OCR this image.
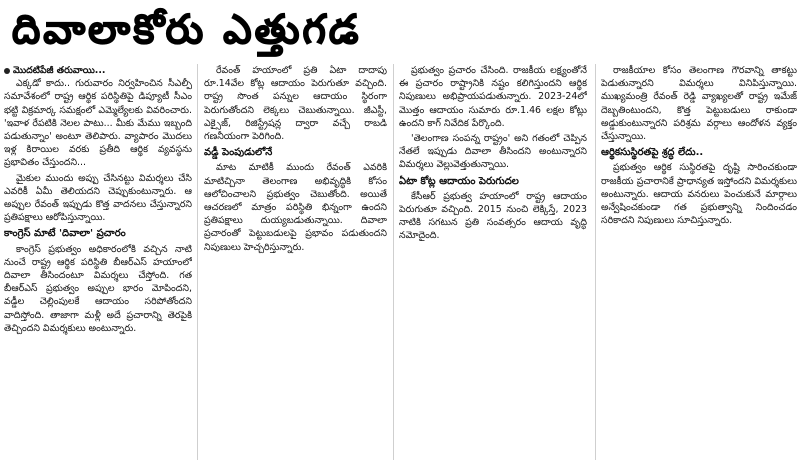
దివాలాకోరు ఎత్తుగడ
మొదటిపేజీ తరువాయి...

ఎక్కడో కాదు.. గురువారం నిర్వహించిన సీఎల్పీ సమావేశంలో రాష్ట్ర ఆర్థిక పరిస్థితిపై డిప్యూటీ సీఎం భట్టి విక్రమార్క సమక్షంలో ఎమ్మెల్యేలకు వివరించారు. 'ఇవాళ రేపటికి నెలల పాటు... మీకు మేము ఇబ్బంది పడుతున్నాం' అంటూ తెలిపారు. వ్యాపారం మొదలు ఇళ్ల కిరాయిల వరకు ప్రతీది ఆర్థిక వ్యవస్థను ప్రభావితం చేస్తుందని...

మైకుల ముందు అప్పు చేసినట్టు విమర్శలు చేసి ఎవరికీ ఏమీ తెలియదని చెప్పుకుంటున్నారు. ఆ అప్పుల రేవంత్ ఇప్పుడు కొత్త వాదనలు చేస్తున్నారని ప్రతిపక్షాలు ఆరోపిస్తున్నాయి.

కాంగ్రెస్ మాటే 'దివాలా' ప్రచారం

కాంగ్రెస్ ప్రభుత్వం అధికారంలోకి వచ్చిన నాటి నుంచే రాష్ట్ర ఆర్థిక పరిస్థితి బీఆర్ఎస్ హయాంలో దివాలా తీసిందంటూ విమర్శలు చేస్తోంది. గత బీఆర్ఎస్ ప్రభుత్వం అప్పుల భారం మోపిందని, వడ్డీల చెల్లింపులకే ఆదాయం సరిపోతోందని వాదిస్తోంది. తాజాగా మళ్లీ అదే ప్రచారాన్ని తెరపైకి తెచ్చిందని విమర్శకులు అంటున్నారు.

రేవంత్ హయాంలో ప్రతి ఏటా దాదాపు రూ.14వేల కోట్ల ఆదాయం పెరుగుతూ వచ్చింది. రాష్ట్ర సొంత పన్నుల ఆదాయం స్థిరంగా పెరుగుతోందని లెక్కలు చెబుతున్నాయి. జీఎస్టీ, ఎక్సైజ్, రిజిస్ట్రేషన్ల ద్వారా వచ్చే రాబడి గణనీయంగా పెరిగింది.

వడ్డీ పెంపుడులోనే

మాట మాటికీ ముందు రేవంత్ ఎవరికి మాటిచ్చినా తెలంగాణ అభివృద్ధికి కోసం ఆలోచించాలని ప్రభుత్వం చెబుతోంది. అయితే ఆచరణలో మాత్రం పరిస్థితి భిన్నంగా ఉందని ప్రతిపక్షాలు దుయ్యబడుతున్నాయి. దివాలా ప్రచారంతో పెట్టుబడులపై ప్రభావం పడుతుందని నిపుణులు హెచ్చరిస్తున్నారు.

ప్రభుత్వం ప్రచారం చేసింది. రాజకీయ లక్ష్యంతోనే ఈ ప్రచారం రాష్ట్రానికి నష్టం కలిగిస్తుందని ఆర్థిక నిపుణులు అభిప్రాయపడుతున్నారు. 2023-24లో మొత్తం ఆదాయం సుమారు రూ.1.46 లక్షల కోట్లు ఉందని కాగ్ నివేదిక పేర్కొంది.

'తెలంగాణ సంపన్న రాష్ట్రం' అని గతంలో చెప్పిన నేతలే ఇప్పుడు దివాలా తీసిందని అంటున్నారని విమర్శలు వెల్లువెత్తుతున్నాయి.

ఏటా కోట్ల ఆదాయం పెరుగుదల

కేసీఆర్ ప్రభుత్వ హయాంలో రాష్ట్ర ఆదాయం పెరుగుతూ వచ్చింది. 2015 నుంచి లెక్కిస్తే, 2023 నాటికి సగటున ప్రతి సంవత్సరం ఆదాయ వృద్ధి నమోదైంది.

రాజకీయాల కోసం తెలంగాణ గౌరవాన్ని తాకట్టు పెడుతున్నారని విమర్శలు వినిపిస్తున్నాయి. ముఖ్యమంత్రి రేవంత్ రెడ్డి వ్యాఖ్యలతో రాష్ట్ర ఇమేజ్ దెబ్బతింటుందని, కొత్త పెట్టుబడులు రాకుండా అడ్డుకుంటున్నారని పరిశ్రమ వర్గాలు ఆందోళన వ్యక్తం చేస్తున్నాయి.

ఆర్థికసుస్థిరతపై శ్రద్ధ లేదు..

ప్రభుత్వం ఆర్థిక సుస్థిరతపై దృష్టి సారించకుండా రాజకీయ ప్రచారానికే ప్రాధాన్యత ఇస్తోందని విమర్శకులు అంటున్నారు. ఆదాయ వనరులు పెంచుకునే మార్గాలు అన్వేషించకుండా గత ప్రభుత్వాన్ని నిందించడం సరికాదని నిపుణులు సూచిస్తున్నారు.
